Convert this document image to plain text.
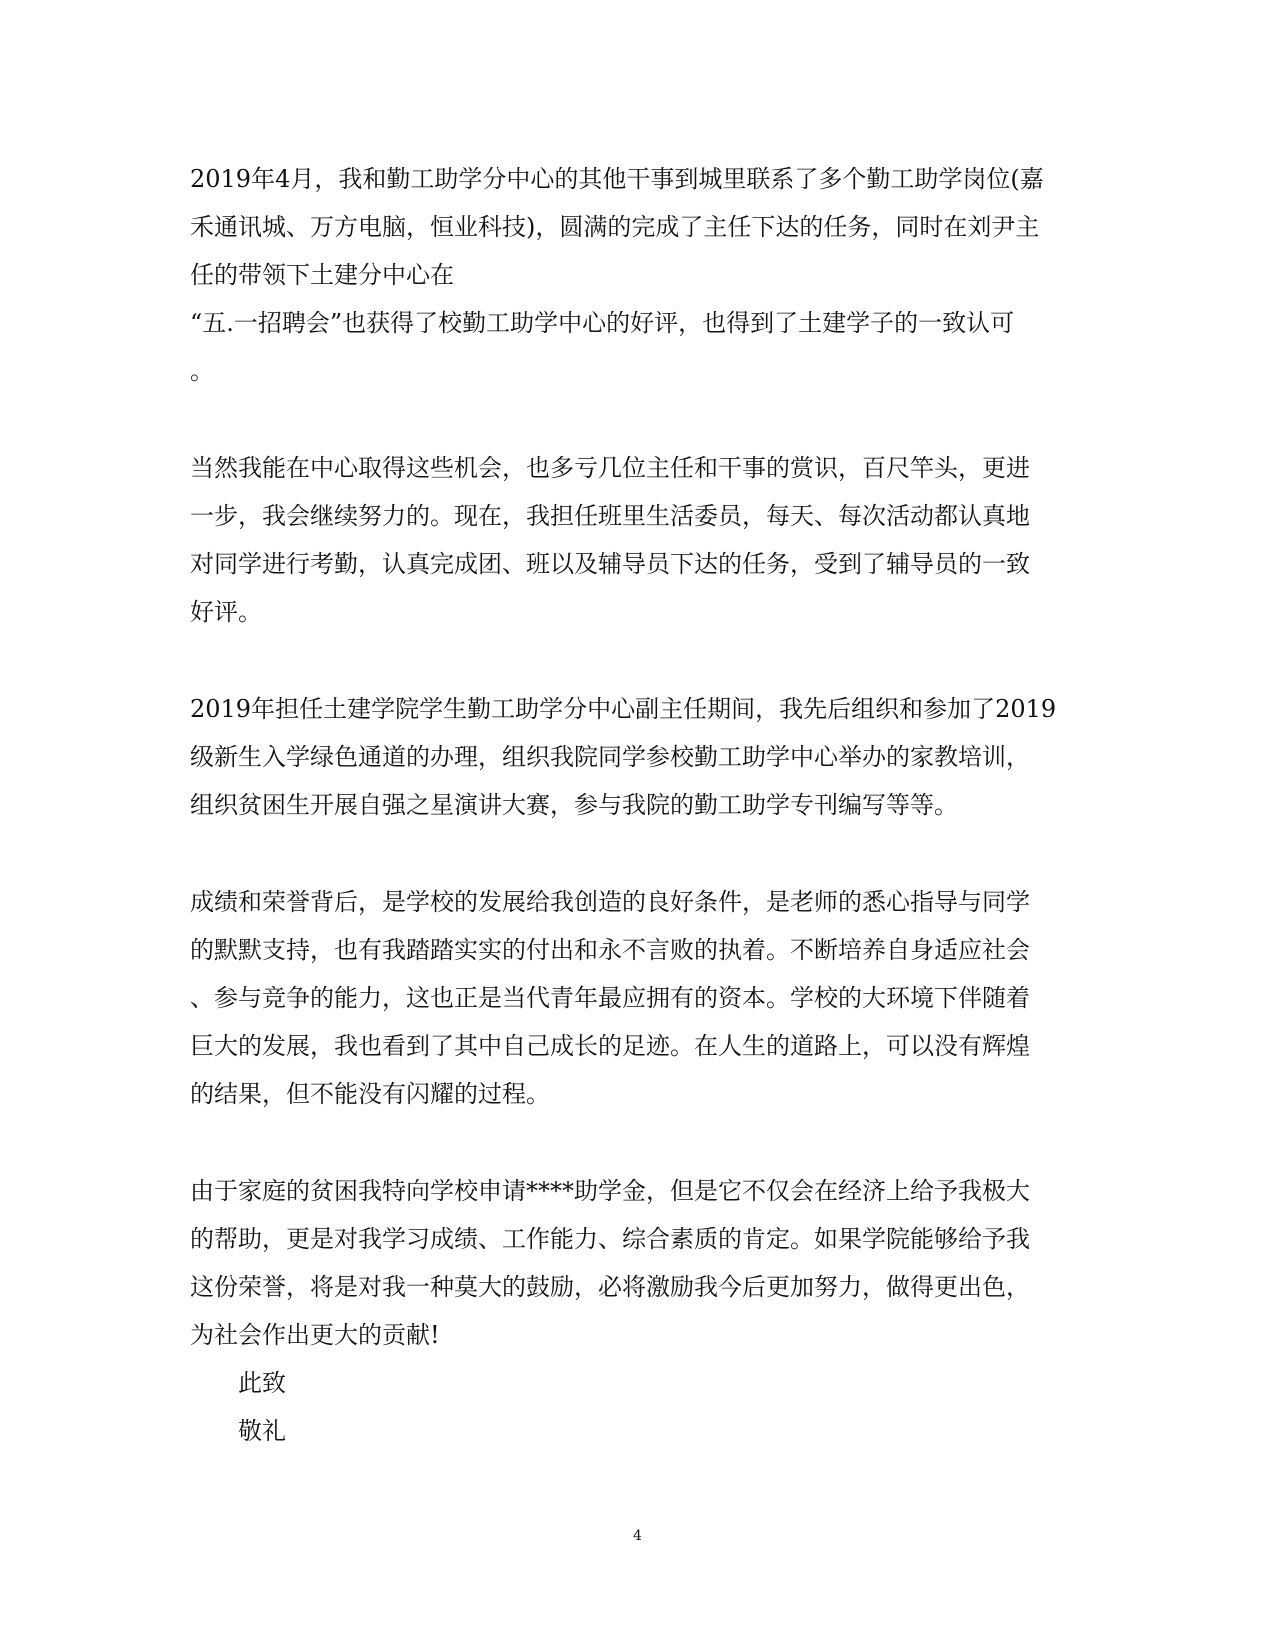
2019年4月，我和勤工助学分中心的其他干事到城里联系了多个勤工助学岗位(嘉
禾通讯城、万方电脑，恒业科技)，圆满的完成了主任下达的任务，同时在刘尹主
任的带领下土建分中心在
“五.一招聘会”也获得了校勤工助学中心的好评，也得到了土建学子的一致认可
。

当然我能在中心取得这些机会，也多亏几位主任和干事的赏识，百尺竿头，更进
一步，我会继续努力的。现在，我担任班里生活委员，每天、每次活动都认真地
对同学进行考勤，认真完成团、班以及辅导员下达的任务，受到了辅导员的一致
好评。

2019年担任土建学院学生勤工助学分中心副主任期间，我先后组织和参加了2019
级新生入学绿色通道的办理，组织我院同学参校勤工助学中心举办的家教培训，
组织贫困生开展自强之星演讲大赛，参与我院的勤工助学专刊编写等等。

成绩和荣誉背后，是学校的发展给我创造的良好条件，是老师的悉心指导与同学
的默默支持，也有我踏踏实实的付出和永不言败的执着。不断培养自身适应社会
、参与竞争的能力，这也正是当代青年最应拥有的资本。学校的大环境下伴随着
巨大的发展，我也看到了其中自己成长的足迹。在人生的道路上，可以没有辉煌
的结果，但不能没有闪耀的过程。

由于家庭的贫困我特向学校申请****助学金，但是它不仅会在经济上给予我极大
的帮助，更是对我学习成绩、工作能力、综合素质的肯定。如果学院能够给予我
这份荣誉，将是对我一种莫大的鼓励，必将激励我今后更加努力，做得更出色，
为社会作出更大的贡献!

此致
敬礼

4
